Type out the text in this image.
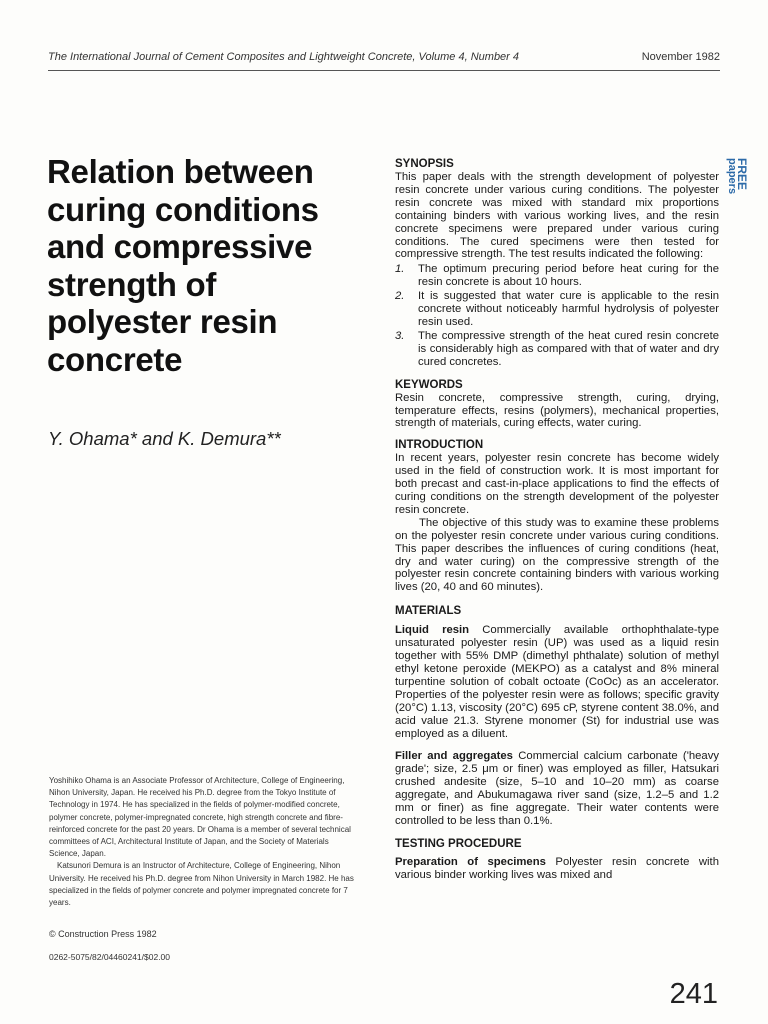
The International Journal of Cement Composites and Lightweight Concrete, Volume 4, Number 4	November 1982
Relation between curing conditions and compressive strength of polyester resin concrete
Y. Ohama* and K. Demura**

Yoshihiko Ohama is an Associate Professor of Architecture, College of Engineering, Nihon University, Japan. He received his Ph.D. degree from the Tokyo Institute of Technology in 1974. He has specialized in the fields of polymer-modified concrete, polymer concrete, polymer-impregnated concrete, high strength concrete and fibre-reinforced concrete for the past 20 years. Dr Ohama is a member of several technical committees of ACI, Architectural Institute of Japan, and the Society of Materials Science, Japan.

Katsunori Demura is an Instructor of Architecture, College of Engineering, Nihon University. He received his Ph.D. degree from Nihon University in March 1982. He has specialized in the fields of polymer concrete and polymer impregnated concrete for 7 years.

© Construction Press 1982
0262-5075/82/04460241/$02.00
SYNOPSIS

This paper deals with the strength development of polyester resin concrete under various curing conditions. The polyester resin concrete was mixed with standard mix proportions containing binders with various working lives, and the resin concrete specimens were prepared under various curing conditions. The cured specimens were then tested for compressive strength. The test results indicated the following:

1. The optimum precuring period before heat curing for the resin concrete is about 10 hours.
2. It is suggested that water cure is applicable to the resin concrete without noticeably harmful hydrolysis of polyester resin used.
3. The compressive strength of the heat cured resin concrete is considerably high as compared with that of water and dry cured concretes.
KEYWORDS

Resin concrete, compressive strength, curing, drying, temperature effects, resins (polymers), mechanical properties, strength of materials, curing effects, water curing.

INTRODUCTION

In recent years, polyester resin concrete has become widely used in the field of construction work. It is most important for both precast and cast-in-place applications to find the effects of curing conditions on the strength development of the polyester resin concrete.

The objective of this study was to examine these problems on the polyester resin concrete under various curing conditions. This paper describes the influences of curing conditions (heat, dry and water curing) on the compressive strength of the polyester resin concrete containing binders with various working lives (20, 40 and 60 minutes).

MATERIALS

Liquid resin Commercially available orthophthalate-type unsaturated polyester resin (UP) was used as a liquid resin together with 55% DMP (dimethyl phthalate) solution of methyl ethyl ketone peroxide (MEKPO) as a catalyst and 8% mineral turpentine solution of cobalt octoate (CoOc) as an accelerator. Properties of the polyester resin were as follows; specific gravity (20°C) 1.13, viscosity (20°C) 695 cP, styrene content 38.0%, and acid value 21.3. Styrene monomer (St) for industrial use was employed as a diluent.

Filler and aggregates Commercial calcium carbonate ('heavy grade'; size, 2.5 μm or finer) was employed as filler, Hatsukari crushed andesite (size, 5–10 and 10–20 mm) as coarse aggregate, and Abukumagawa river sand (size, 1.2–5 and 1.2 mm or finer) as fine aggregate. Their water contents were controlled to be less than 0.1%.

TESTING PROCEDURE

Preparation of specimens Polyester resin concrete with various binder working lives was mixed and

FREE
papers
241
